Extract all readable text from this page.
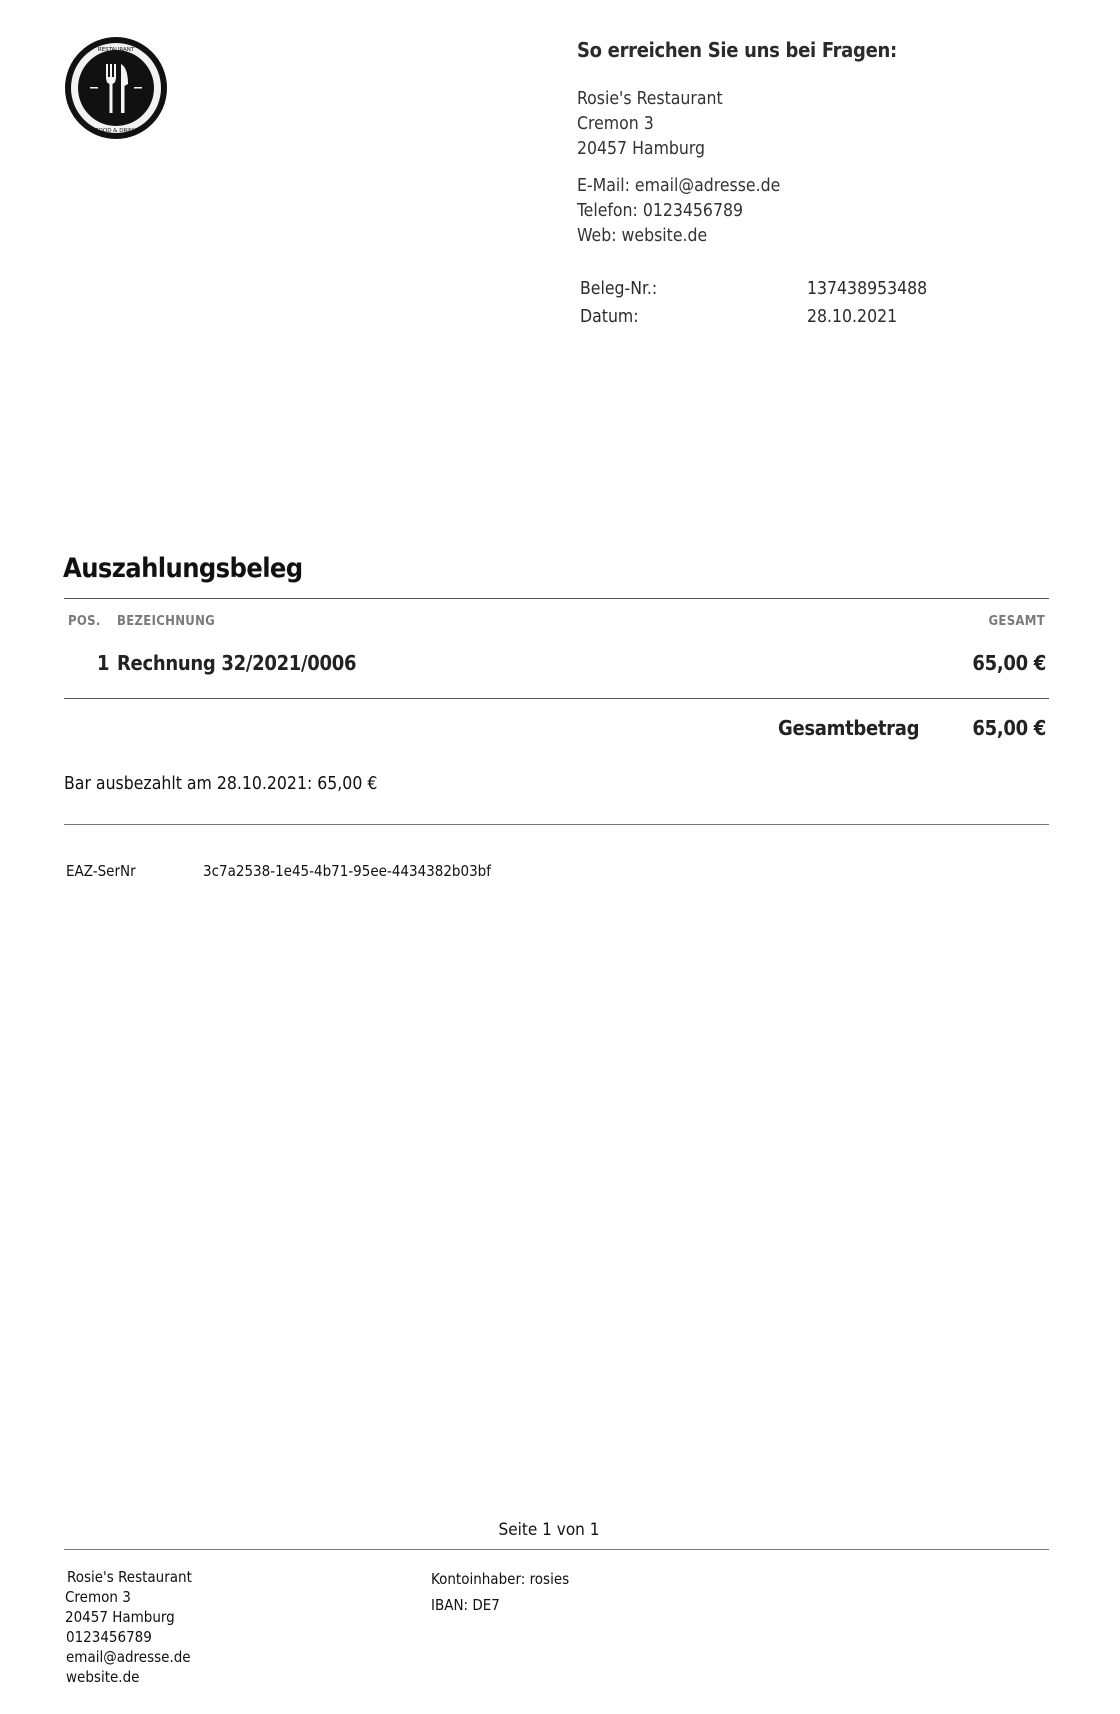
RESTAURANT
FOOD & DRINK
So erreichen Sie uns bei Fragen:
Rosie's Restaurant
Cremon 3
20457 Hamburg
E-Mail: email@adresse.de
Telefon: 0123456789
Web: website.de
Beleg-Nr.:	137438953488
Datum:	28.10.2021
Auszahlungsbeleg
POS. BEZEICHNUNG	GESAMT
1 Rechnung 32/2021/0006	65,00 €
Gesamtbetrag	65,00 €
Bar ausbezahlt am 28.10.2021: 65,00 €
EAZ-SerNr	3c7a2538-1e45-4b71-95ee-4434382b03bf
Seite 1 von 1
Rosie's Restaurant
Cremon 3
20457 Hamburg
0123456789
email@adresse.de
website.de
Kontoinhaber: rosies
IBAN: DE7
